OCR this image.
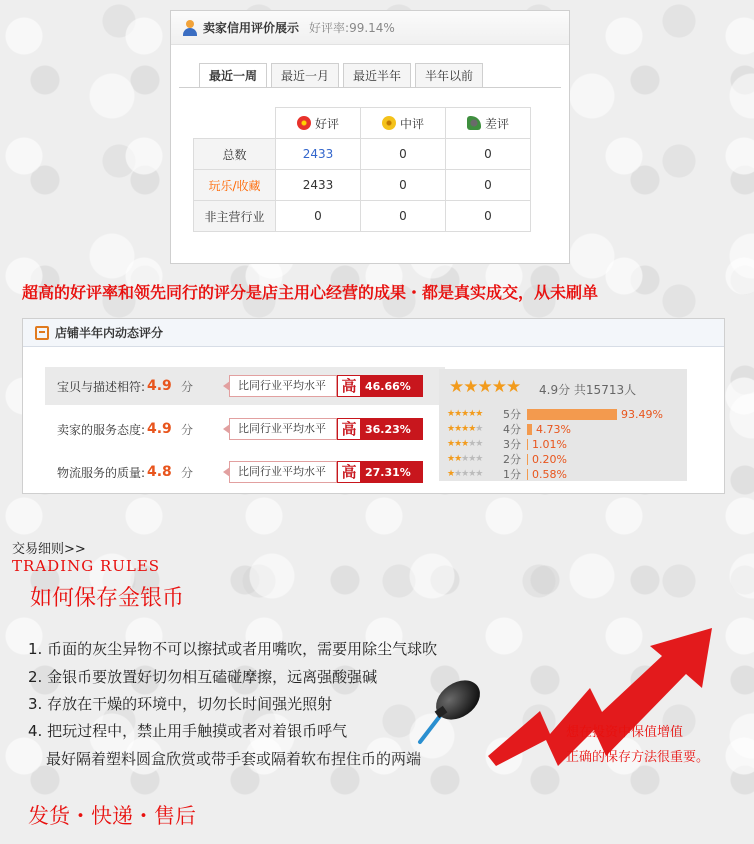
卖家信用评价展示 好评率: 99.14%
最近一周	最近一月	最近半年	半年以前
	好评	中评	差评
总数	2433	0	0
玩乐/收藏	2433	0	0
非主营行业	0	0	0
超高的好评率和领先同行的评分是店主用心经营的成果・都是真实成交，从未刷单
店铺半年内动态评分
宝贝与描述相符: 4.9 分	比同行业平均水平	高 46.66%
卖家的服务态度: 4.9 分	比同行业平均水平	高 36.23%
物流服务的质量: 4.8 分	比同行业平均水平	高 27.31%
★★★★★ 4.9分 共15713人
★★★★★	5分	93.49%
★★★★★	4分	4.73%
★★★★★	3分	1.01%
★★★★★	2分	0.20%
★★★★★	1分	0.58%
交易细则>>
TRADING RULES
如何保存金银币
1. 币面的灰尘异物不可以擦拭或者用嘴吹，需要用除尘气球吹
2. 金银币要放置好切勿相互磕碰摩擦，远离强酸强碱
3. 存放在干燥的环境中，切勿长时间强光照射
4. 把玩过程中，禁止用手触摸或者对着银币呼气
最好隔着塑料圆盒欣赏或带手套或隔着软布捏住币的两端
想在投资中保值增值
正确的保存方法很重要。
发货・快递・售后
